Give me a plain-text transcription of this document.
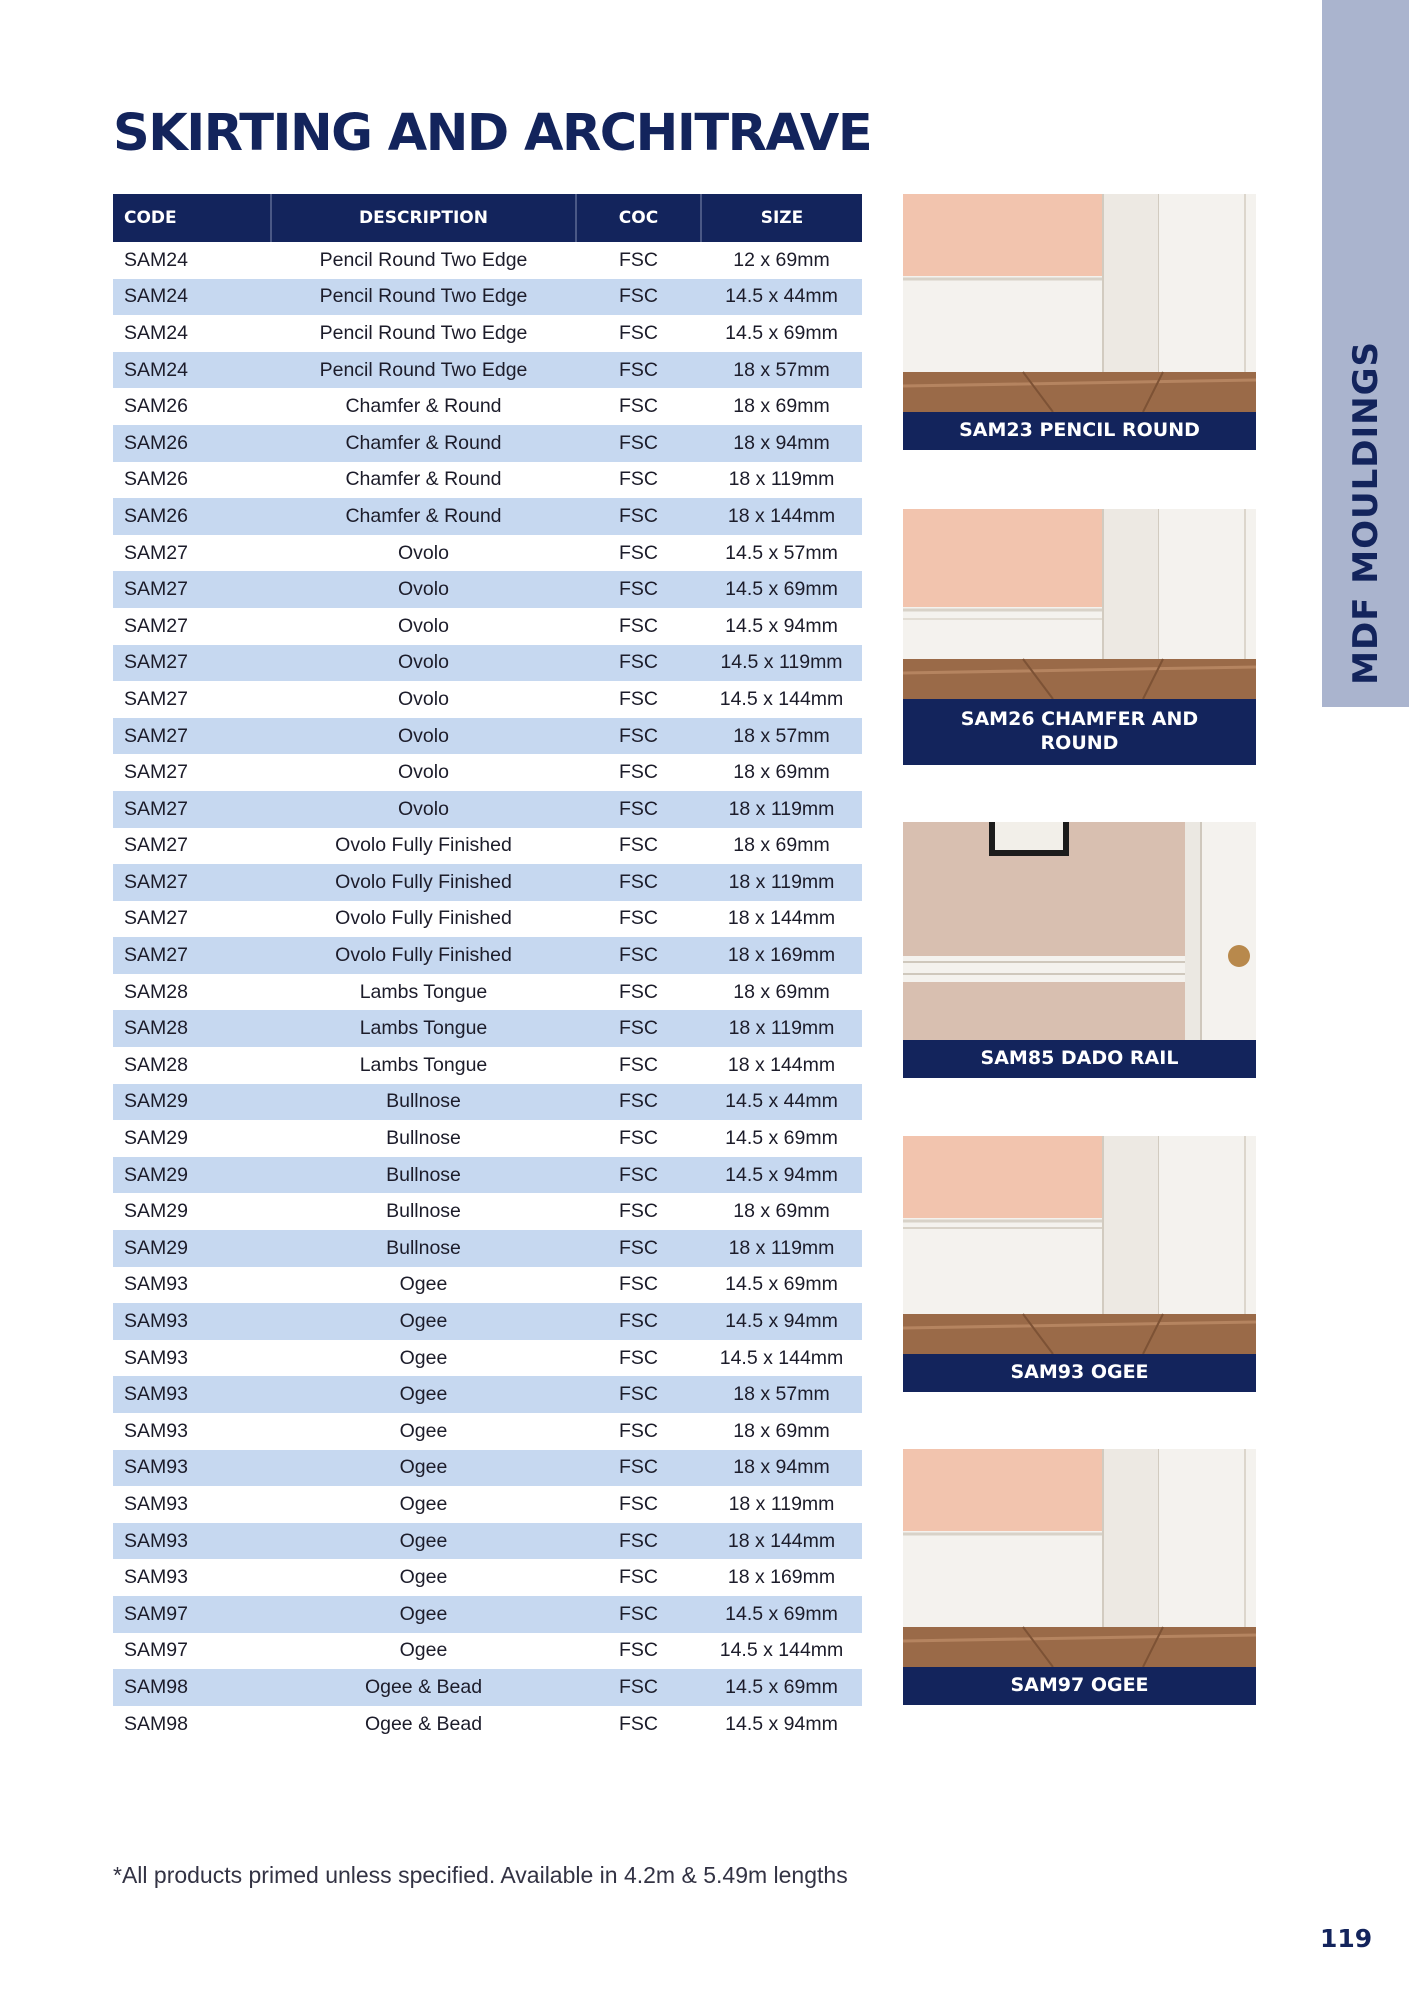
MDF MOULDINGS
SKIRTING AND ARCHITRAVE
CODE	DESCRIPTION	COC	SIZE
SAM24	Pencil Round Two Edge	FSC	12 x 69mm
SAM24	Pencil Round Two Edge	FSC	14.5 x 44mm
SAM24	Pencil Round Two Edge	FSC	14.5 x 69mm
SAM24	Pencil Round Two Edge	FSC	18 x 57mm
SAM26	Chamfer & Round	FSC	18 x 69mm
SAM26	Chamfer & Round	FSC	18 x 94mm
SAM26	Chamfer & Round	FSC	18 x 119mm
SAM26	Chamfer & Round	FSC	18 x 144mm
SAM27	Ovolo	FSC	14.5 x 57mm
SAM27	Ovolo	FSC	14.5 x 69mm
SAM27	Ovolo	FSC	14.5 x 94mm
SAM27	Ovolo	FSC	14.5 x 119mm
SAM27	Ovolo	FSC	14.5 x 144mm
SAM27	Ovolo	FSC	18 x 57mm
SAM27	Ovolo	FSC	18 x 69mm
SAM27	Ovolo	FSC	18 x 119mm
SAM27	Ovolo Fully Finished	FSC	18 x 69mm
SAM27	Ovolo Fully Finished	FSC	18 x 119mm
SAM27	Ovolo Fully Finished	FSC	18 x 144mm
SAM27	Ovolo Fully Finished	FSC	18 x 169mm
SAM28	Lambs Tongue	FSC	18 x 69mm
SAM28	Lambs Tongue	FSC	18 x 119mm
SAM28	Lambs Tongue	FSC	18 x 144mm
SAM29	Bullnose	FSC	14.5 x 44mm
SAM29	Bullnose	FSC	14.5 x 69mm
SAM29	Bullnose	FSC	14.5 x 94mm
SAM29	Bullnose	FSC	18 x 69mm
SAM29	Bullnose	FSC	18 x 119mm
SAM93	Ogee	FSC	14.5 x 69mm
SAM93	Ogee	FSC	14.5 x 94mm
SAM93	Ogee	FSC	14.5 x 144mm
SAM93	Ogee	FSC	18 x 57mm
SAM93	Ogee	FSC	18 x 69mm
SAM93	Ogee	FSC	18 x 94mm
SAM93	Ogee	FSC	18 x 119mm
SAM93	Ogee	FSC	18 x 144mm
SAM93	Ogee	FSC	18 x 169mm
SAM97	Ogee	FSC	14.5 x 69mm
SAM97	Ogee	FSC	14.5 x 144mm
SAM98	Ogee & Bead	FSC	14.5 x 69mm
SAM98	Ogee & Bead	FSC	14.5 x 94mm
SAM23 PENCIL ROUND
SAM26 CHAMFER AND ROUND
SAM85 DADO RAIL
SAM93 OGEE
SAM97 OGEE
*All products primed unless specified. Available in 4.2m & 5.49m lengths
119
